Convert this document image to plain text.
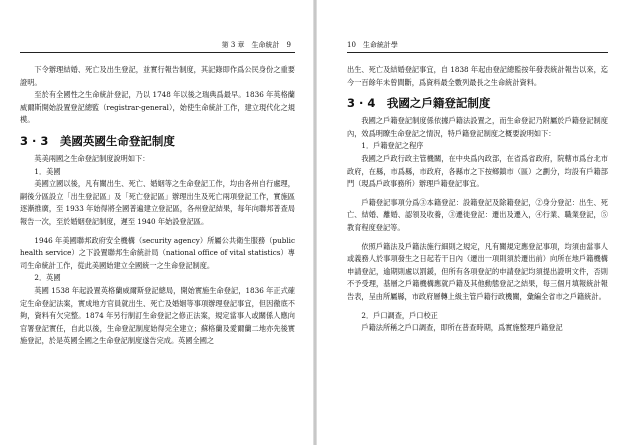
第 3 章　生命統計　9

下令辦理結婚、死亡及出生登記，並實行報告制度，其記錄即作爲公民身份之重要證明。

至於有全國性之生命統計登記，乃以 1748 年以後之瑞典爲最早。1836 年英格蘭威爾斯開始設置登記總監（registrar-general），始使生命統計工作，建立現代化之規模。

3 · 3　美國英國生命登記制度

英美兩國之生命登記制度說明如下：

1．美國

美國立國以後，凡有關出生、死亡、婚姻等之生命登記工作，均由各州自行處理，嗣後分區設立「出生登記區」及「死亡登記區」辦理出生及死亡兩項登記工作，實施區逐漸推廣，至 1933 年始得將全國普遍建立登記區，各州登記結果，每年向聯邦普查局報告一次，至於婚姻登記制度，遲至 1940 年始設登記區。

1946 年美國聯邦政府安全機構（security agency）所屬公共衛生服務（public health service）之下設置聯邦生命統計局（national office of vital statistics）專司生命統計工作，從此美國始建立全國統一之生命登記制度。

2．英國

英國 1538 年起設置英格蘭威爾斯登記總局，開始實施生命登記，1836 年正式確定生命登記法案，實成地方官員就出生、死亡及婚姻等事項辦理登記事宜，但因徹底不夠，資料有欠完整。1874 年另行制訂生命登記之修正法案，規定當事人或關係人應向官署登記實任，自此以後，生命登記制度始得完全建立；蘇格蘭及愛爾蘭二地亦先後實施登記，於是英國全國之生命登記制度遂告完成。英國全國之

10　生命統計學

出生、死亡及結婚登記事宜，自 1838 年起由登記總監按年發表統計報告以來，迄今一百餘年未曾間斷，爲資料最全數列最長之生命統計資料。

3 · 4　我國之戶籍登記制度

我國之戶籍登記制度係依據戶籍法設置之，而生命登記乃附屬於戶籍登記制度內，效爲明瞭生命登記之情況，特戶籍登記制度之概要說明如下：

1．戶籍登記之程序

我國之戶政行政主管機關，在中央爲內政部，在省爲省政府，院轄市爲台北市政府，在縣，市爲縣，市政府，各縣市之下按鄉鎮市（區）之劃分，均設有戶籍部門（現爲戶政事務所）辦理戶籍登記事宜。

戶籍登記事項分爲③本籍登記：設籍登記及除籍登記，②身分登記：出生、死亡、結婚、離婚、認領及收養，③遷徙登記：遷出及遷入，④行業、職業登記，⑤教育程度登記等。

依照戶籍法及戶籍法施行細則之規定，凡有關規定應登記事項，均須由當事人或義務人於事項發生之日起若干日內（遷出一項則須於遷出前）向所在地戶籍機構申請登記，逾期則處以罰鍰，但所有各項登記的申請登記均須提出證明文件，否則不予受理，基層之戶籍機構應就戶籍及其他動態登記之結果，每三個月填報統計報告表，呈由所屬縣，市政府層轉上級主管戶籍行政機關，彙編全省市之戶籍統計。

2．戶口調查，戶口校正

戶籍法所稱之戶口調查，即所在普查時期，爲實施整理戶籍登記
